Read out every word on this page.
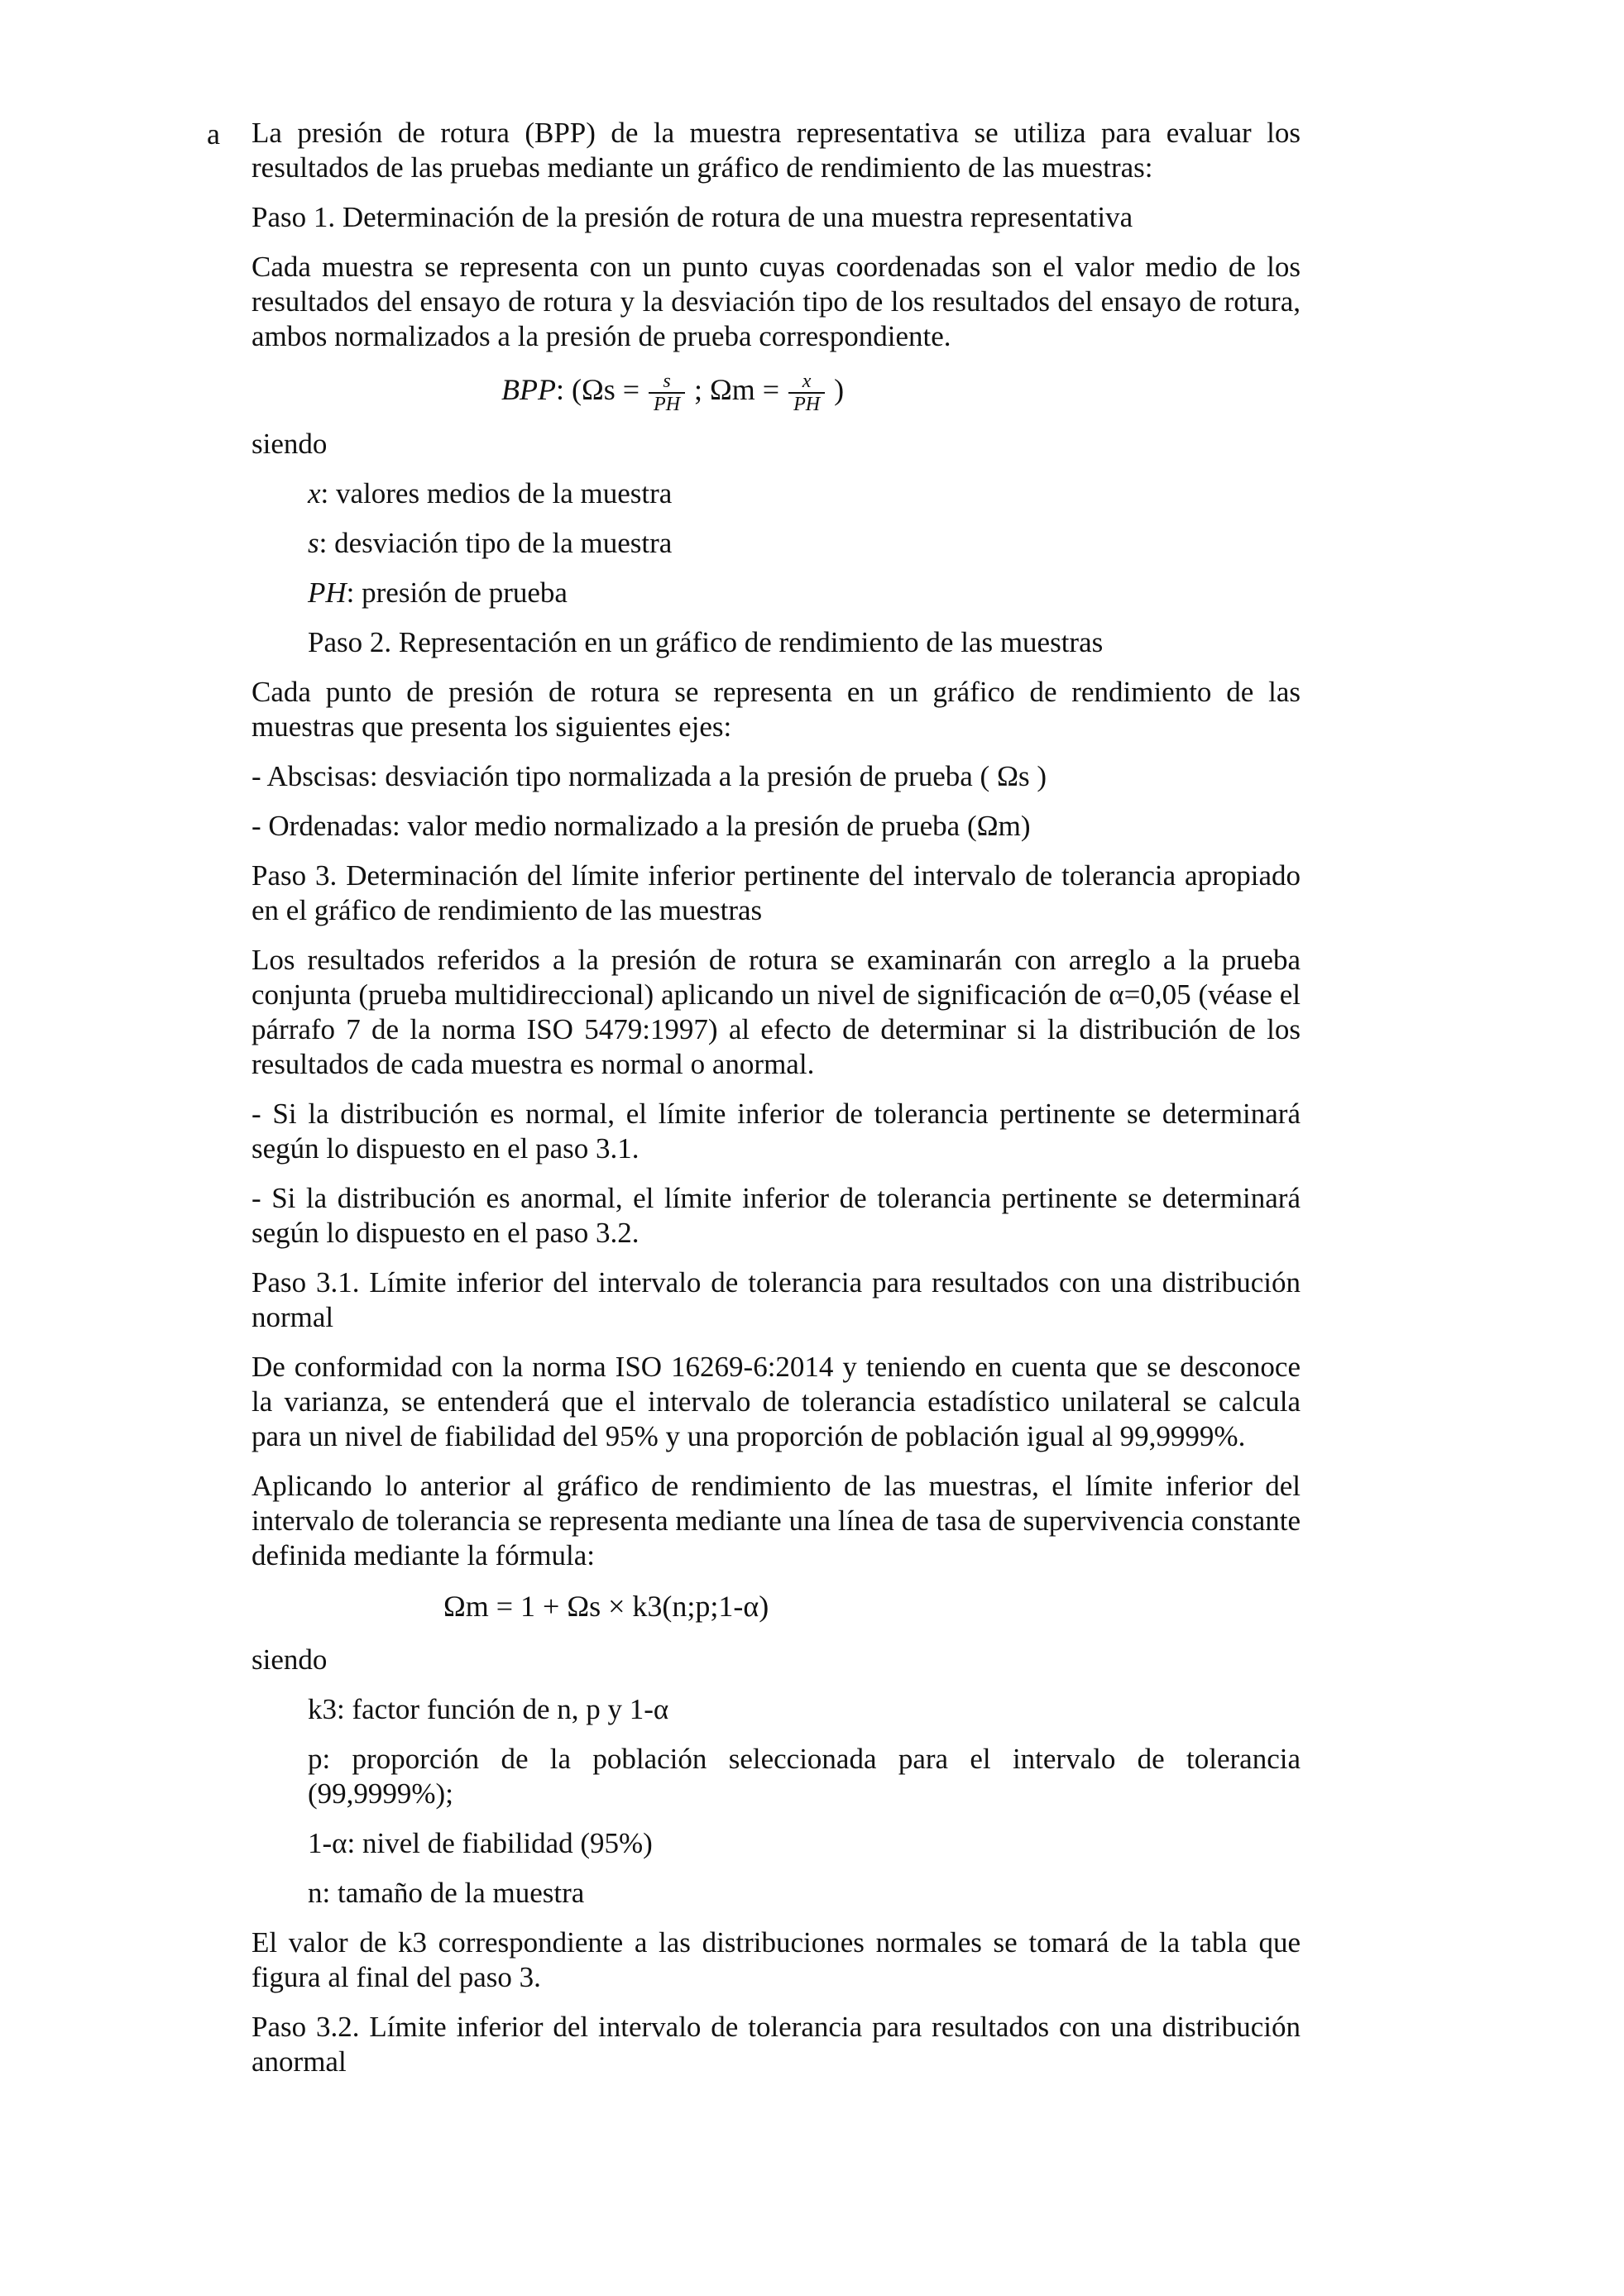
a La presión de rotura (BPP) de la muestra representativa se utiliza para evaluar los resultados de las pruebas mediante un gráfico de rendimiento de las muestras:

Paso 1. Determinación de la presión de rotura de una muestra representativa

Cada muestra se representa con un punto cuyas coordenadas son el valor medio de los resultados del ensayo de rotura y la desviación tipo de los resultados del ensayo de rotura, ambos normalizados a la presión de prueba correspondiente.

BPP: ($\Omega s = \frac{s}{PH}$ ; $\Omega m = \frac{x}{PH}$ )

siendo

x: valores medios de la muestra

s: desviación tipo de la muestra

PH: presión de prueba

Paso 2. Representación en un gráfico de rendimiento de las muestras

Cada punto de presión de rotura se representa en un gráfico de rendimiento de las muestras que presenta los siguientes ejes:

- Abscisas: desviación tipo normalizada a la presión de prueba ( Ωs )

- Ordenadas: valor medio normalizado a la presión de prueba (Ωm)

Paso 3. Determinación del límite inferior pertinente del intervalo de tolerancia apropiado en el gráfico de rendimiento de las muestras

Los resultados referidos a la presión de rotura se examinarán con arreglo a la prueba conjunta (prueba multidireccional) aplicando un nivel de significación de α=0,05 (véase el párrafo 7 de la norma ISO 5479:1997) al efecto de determinar si la distribución de los resultados de cada muestra es normal o anormal.

- Si la distribución es normal, el límite inferior de tolerancia pertinente se determinará según lo dispuesto en el paso 3.1.

- Si la distribución es anormal, el límite inferior de tolerancia pertinente se determinará según lo dispuesto en el paso 3.2.

Paso 3.1. Límite inferior del intervalo de tolerancia para resultados con una distribución normal

De conformidad con la norma ISO 16269-6:2014 y teniendo en cuenta que se desconoce la varianza, se entenderá que el intervalo de tolerancia estadístico unilateral se calcula para un nivel de fiabilidad del 95% y una proporción de población igual al 99,9999%.

Aplicando lo anterior al gráfico de rendimiento de las muestras, el límite inferior del intervalo de tolerancia se representa mediante una línea de tasa de supervivencia constante definida mediante la fórmula:

Ωm = 1 + Ωs × k3(n;p;1-α)

siendo

k3: factor función de n, p y 1-α

p: proporción de la población seleccionada para el intervalo de tolerancia (99,9999%);

1-α: nivel de fiabilidad (95%)

n: tamaño de la muestra

El valor de k3 correspondiente a las distribuciones normales se tomará de la tabla que figura al final del paso 3.

Paso 3.2. Límite inferior del intervalo de tolerancia para resultados con una distribución anormal
